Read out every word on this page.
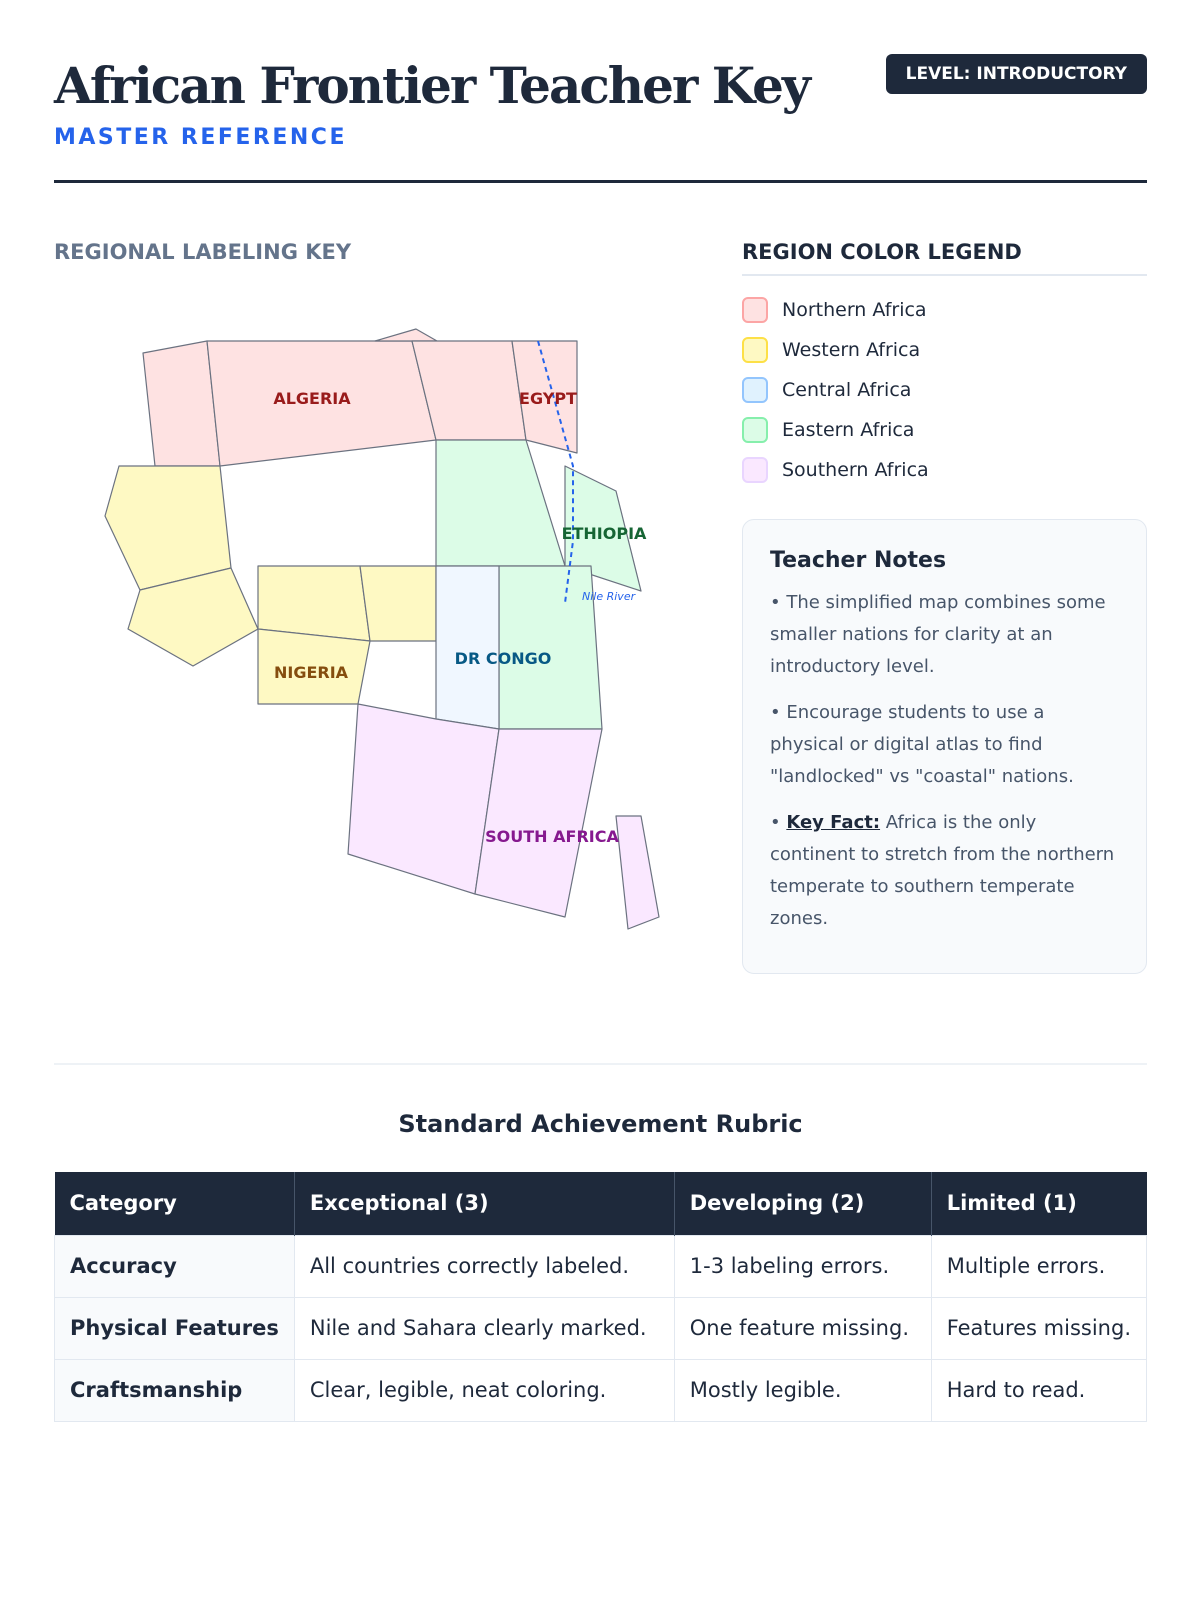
African Frontier Teacher Key
MASTER REFERENCE
LEVEL: INTRODUCTORY
REGIONAL LABELING KEY
ALGERIA	EGYPT
ETHIOPIA
NIGERIA
DR CONGO
SOUTH AFRICA
Nile River
REGION COLOR LEGEND
Northern Africa
Western Africa
Central Africa
Eastern Africa
Southern Africa
Teacher Notes

• The simplified map combines some smaller nations for clarity at an introductory level.

• Encourage students to use a physical or digital atlas to find "landlocked" vs "coastal" nations.

• Key Fact: Africa is the only continent to stretch from the northern temperate to southern temperate zones.

Standard Achievement Rubric
Category	Exceptional (3)	Developing (2)	Limited (1)
Accuracy	All countries correctly labeled.	1-3 labeling errors.	Multiple errors.
Physical Features	Nile and Sahara clearly marked.	One feature missing.	Features missing.
Craftsmanship	Clear, legible, neat coloring.	Mostly legible.	Hard to read.
